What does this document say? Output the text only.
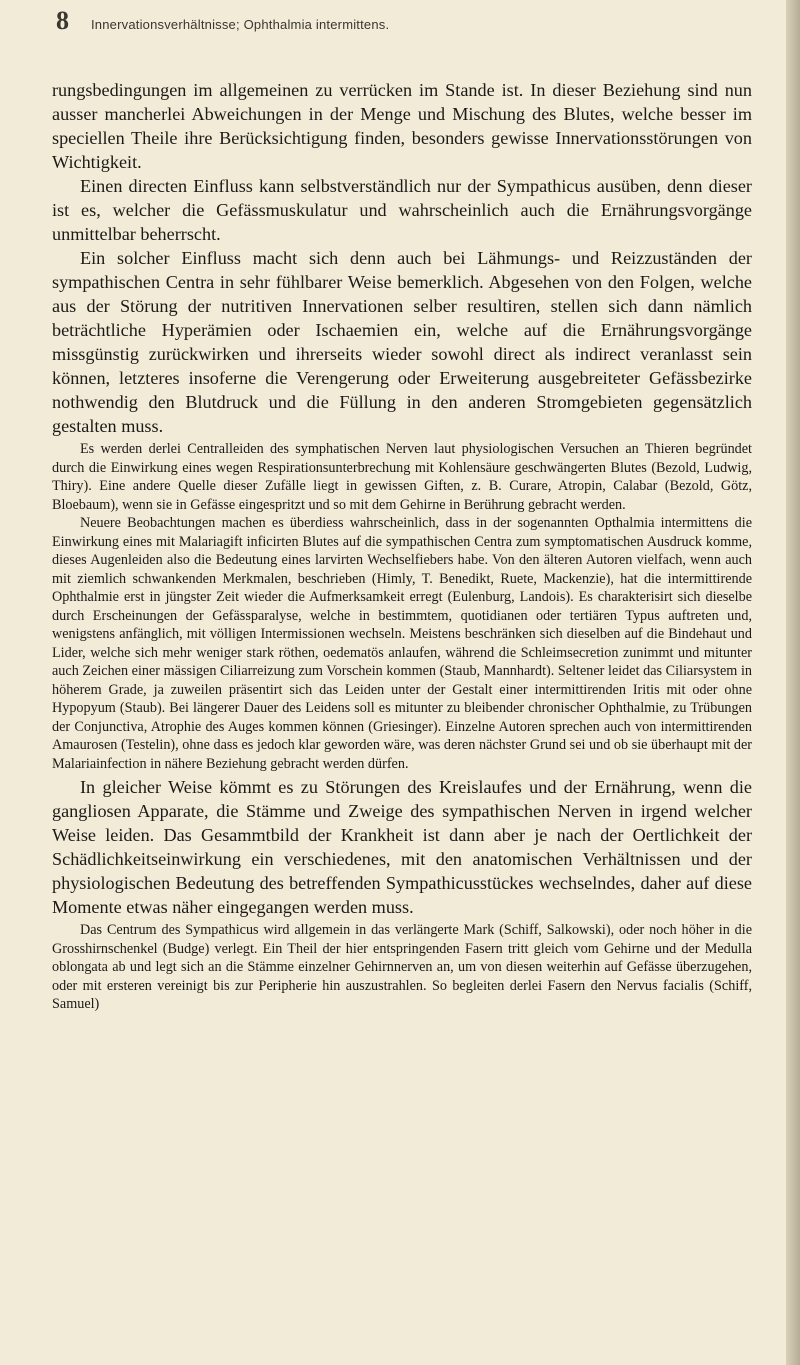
8 Innervationsverhältnisse; Ophthalmia intermittens.

rungsbedingungen im allgemeinen zu verrücken im Stande ist. In dieser Beziehung sind nun ausser mancherlei Abweichungen in der Menge und Mischung des Blutes, welche besser im speciellen Theile ihre Berücksichtigung finden, besonders gewisse Innervationsstörungen von Wichtigkeit.

Einen directen Einfluss kann selbstverständlich nur der Sympathicus ausüben, denn dieser ist es, welcher die Gefässmuskulatur und wahrscheinlich auch die Ernährungsvorgänge unmittelbar beherrscht.

Ein solcher Einfluss macht sich denn auch bei Lähmungs- und Reizzuständen der sympathischen Centra in sehr fühlbarer Weise bemerklich. Abgesehen von den Folgen, welche aus der Störung der nutritiven Innervationen selber resultiren, stellen sich dann nämlich beträchtliche Hyperämien oder Ischaemien ein, welche auf die Ernährungsvorgänge missgünstig zurückwirken und ihrerseits wieder sowohl direct als indirect veranlasst sein können, letzteres insoferne die Verengerung oder Erweiterung ausgebreiteter Gefässbezirke nothwendig den Blutdruck und die Füllung in den anderen Stromgebieten gegensätzlich gestalten muss.

Es werden derlei Centralleiden des symphatischen Nerven laut physiologischen Versuchen an Thieren begründet durch die Einwirkung eines wegen Respirationsunterbrechung mit Kohlensäure geschwängerten Blutes (Bezold, Ludwig, Thiry). Eine andere Quelle dieser Zufälle liegt in gewissen Giften, z. B. Curare, Atropin, Calabar (Bezold, Götz, Bloebaum), wenn sie in Gefässe eingespritzt und so mit dem Gehirne in Berührung gebracht werden.

Neuere Beobachtungen machen es überdiess wahrscheinlich, dass in der sogenannten Opthalmia intermittens die Einwirkung eines mit Malariagift inficirten Blutes auf die sympathischen Centra zum symptomatischen Ausdruck komme, dieses Augenleiden also die Bedeutung eines larvirten Wechselfiebers habe. Von den älteren Autoren vielfach, wenn auch mit ziemlich schwankenden Merkmalen, beschrieben (Himly, T. Benedikt, Ruete, Mackenzie), hat die intermittirende Ophthalmie erst in jüngster Zeit wieder die Aufmerksamkeit erregt (Eulenburg, Landois). Es charakterisirt sich dieselbe durch Erscheinungen der Gefässparalyse, welche in bestimmtem, quotidianen oder tertiären Typus auftreten und, wenigstens anfänglich, mit völligen Intermissionen wechseln. Meistens beschränken sich dieselben auf die Bindehaut und Lider, welche sich mehr weniger stark röthen, oedematös anlaufen, während die Schleimsecretion zunimmt und mitunter auch Zeichen einer mässigen Ciliarreizung zum Vorschein kommen (Staub, Mannhardt). Seltener leidet das Ciliarsystem in höherem Grade, ja zuweilen präsentirt sich das Leiden unter der Gestalt einer intermittirenden Iritis mit oder ohne Hypopyum (Staub). Bei längerer Dauer des Leidens soll es mitunter zu bleibender chronischer Ophthalmie, zu Trübungen der Conjunctiva, Atrophie des Auges kommen können (Griesinger). Einzelne Autoren sprechen auch von intermittirenden Amaurosen (Testelin), ohne dass es jedoch klar geworden wäre, was deren nächster Grund sei und ob sie überhaupt mit der Malariainfection in nähere Beziehung gebracht werden dürfen.

In gleicher Weise kömmt es zu Störungen des Kreislaufes und der Ernährung, wenn die gangliosen Apparate, die Stämme und Zweige des sympathischen Nerven in irgend welcher Weise leiden. Das Gesammtbild der Krankheit ist dann aber je nach der Oertlichkeit der Schädlichkeitseinwirkung ein verschiedenes, mit den anatomischen Verhältnissen und der physiologischen Bedeutung des betreffenden Sympathicusstückes wechselndes, daher auf diese Momente etwas näher eingegangen werden muss.

Das Centrum des Sympathicus wird allgemein in das verlängerte Mark (Schiff, Salkowski), oder noch höher in die Grosshirnschenkel (Budge) verlegt. Ein Theil der hier entspringenden Fasern tritt gleich vom Gehirne und der Medulla oblongata ab und legt sich an die Stämme einzelner Gehirnnerven an, um von diesen weiterhin auf Gefässe überzugehen, oder mit ersteren vereinigt bis zur Peripherie hin auszustrahlen. So begleiten derlei Fasern den Nervus facialis (Schiff, Samuel)
